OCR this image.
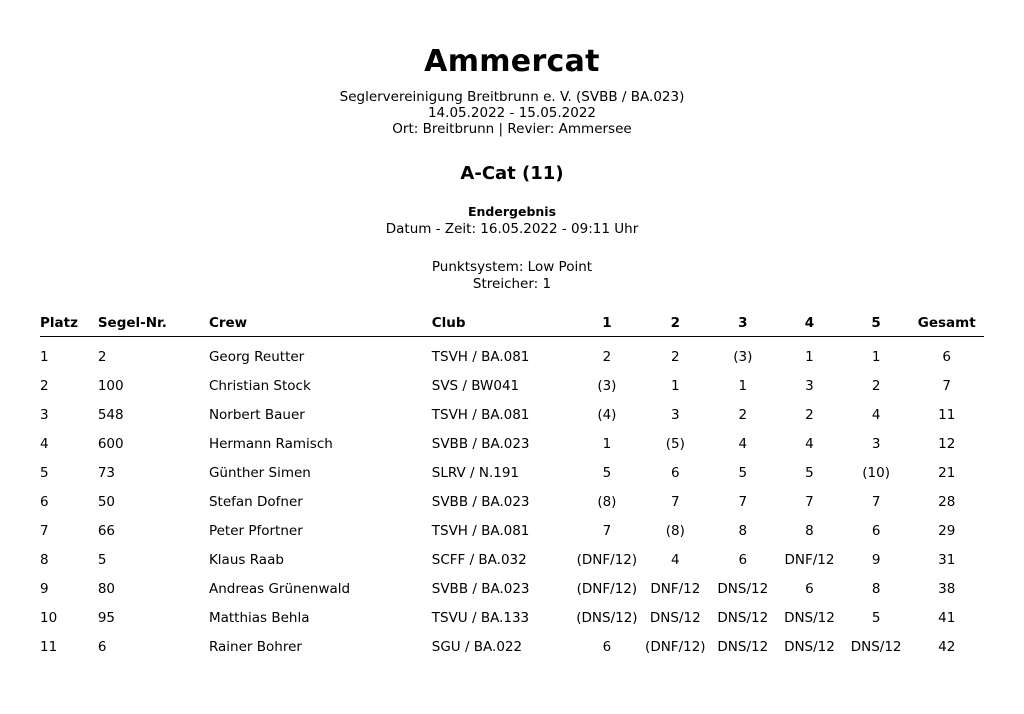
Ammercat
Seglervereinigung Breitbrunn e. V. (SVBB / BA.023)
14.05.2022 - 15.05.2022
Ort: Breitbrunn | Revier: Ammersee
A-Cat (11)
Endergebnis
Datum - Zeit: 16.05.2022 - 09:11 Uhr
Punktsystem: Low Point
Streicher: 1
Platz	Segel-Nr.	Crew	Club	1	2	3	4	5	Gesamt
1	2	Georg Reutter	TSVH / BA.081	2	2	(3)	1	1	6
2	100	Christian Stock	SVS / BW041	(3)	1	1	3	2	7
3	548	Norbert Bauer	TSVH / BA.081	(4)	3	2	2	4	11
4	600	Hermann Ramisch	SVBB / BA.023	1	(5)	4	4	3	12
5	73	Günther Simen	SLRV / N.191	5	6	5	5	(10)	21
6	50	Stefan Dofner	SVBB / BA.023	(8)	7	7	7	7	28
7	66	Peter Pfortner	TSVH / BA.081	7	(8)	8	8	6	29
8	5	Klaus Raab	SCFF / BA.032	(DNF/12)	4	6	DNF/12	9	31
9	80	Andreas Grünenwald	SVBB / BA.023	(DNF/12)	DNF/12	DNS/12	6	8	38
10	95	Matthias Behla	TSVU / BA.133	(DNS/12)	DNS/12	DNS/12	DNS/12	5	41
11	6	Rainer Bohrer	SGU / BA.022	6	(DNF/12)	DNS/12	DNS/12	DNS/12	42
